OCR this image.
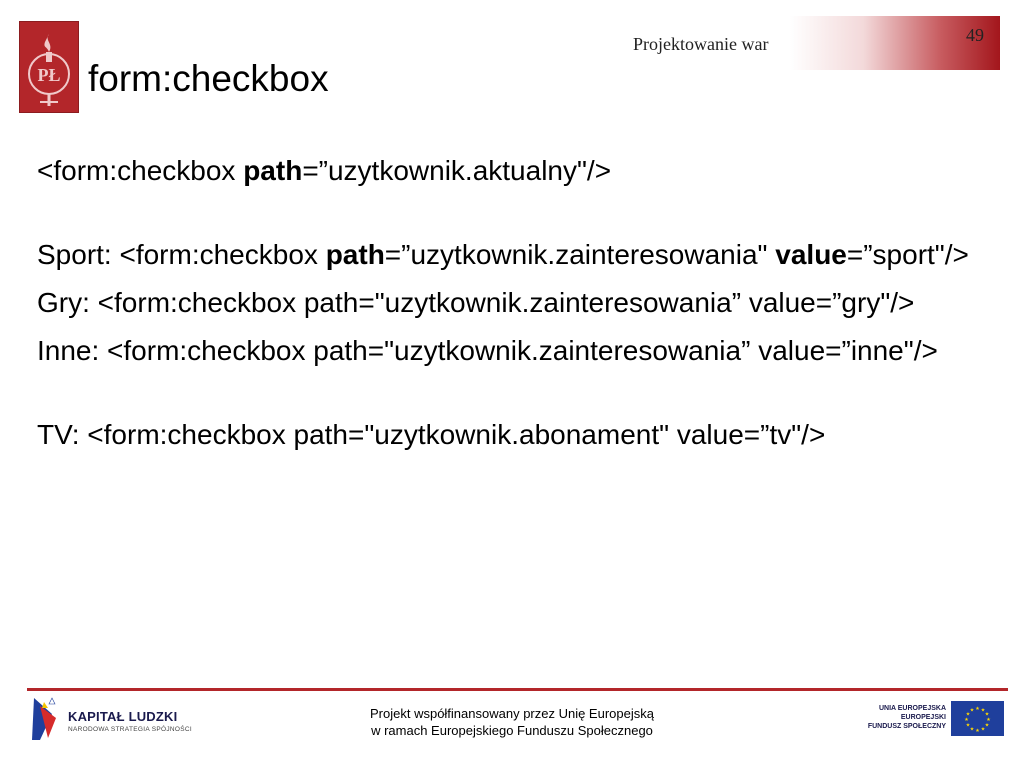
PŁ
Projektowanie war	49
form:checkbox

<form:checkbox path=”uzytkownik.aktualny"/>

Sport: <form:checkbox path=”uzytkownik.zainteresowania" value=”sport"/>

Gry: <form:checkbox path="uzytkownik.zainteresowania” value=”gry"/>

Inne: <form:checkbox path="uzytkownik.zainteresowania” value=”inne"/>

TV: <form:checkbox path="uzytkownik.abonament" value=”tv"/>

KAPITAŁ LUDZKI
NARODOWA STRATEGIA SPÓJNOŚCI
Projekt współfinansowany przez Unię Europejską
w ramach Europejskiego Funduszu Społecznego
UNIA EUROPEJSKA
EUROPEJSKI
FUNDUSZ SPOŁECZNY
★ ★
★
★
★
★
★
★
★
★
★
★
